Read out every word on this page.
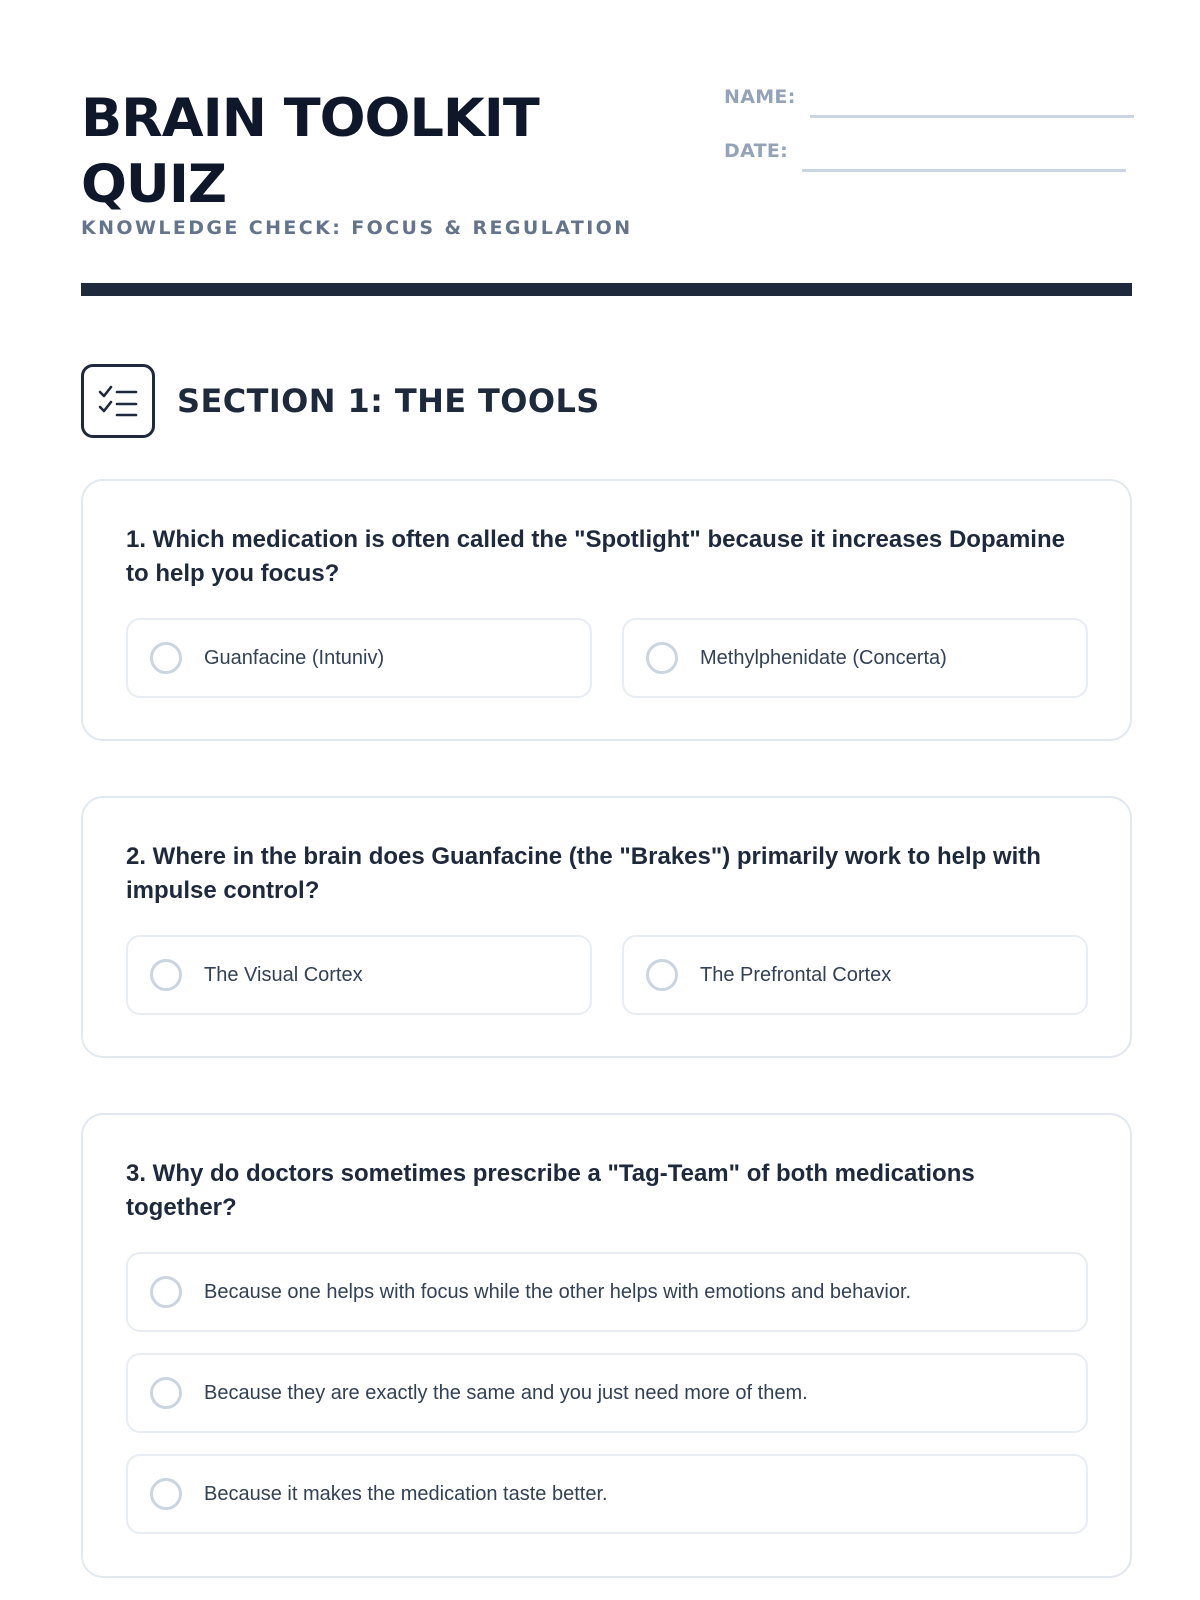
BRAIN TOOLKIT QUIZ
KNOWLEDGE CHECK: FOCUS & REGULATION
NAME:
DATE:
SECTION 1: THE TOOLS
1. Which medication is often called the "Spotlight" because it increases Dopamine to help you focus?
Guanfacine (Intuniv)	Methylphenidate (Concerta)
2. Where in the brain does Guanfacine (the "Brakes") primarily work to help with impulse control?
The Visual Cortex	The Prefrontal Cortex
3. Why do doctors sometimes prescribe a "Tag-Team" of both medications together?
Because one helps with focus while the other helps with emotions and behavior.
Because they are exactly the same and you just need more of them.
Because it makes the medication taste better.
